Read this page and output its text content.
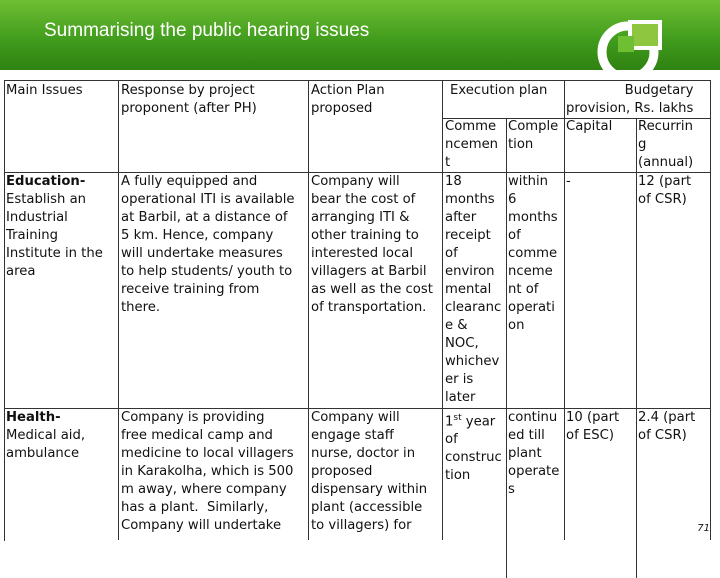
Summarising the public hearing issues
Main Issues	Response by project
proponent (after PH)
Action Plan
proposed
Execution plan
Comme
ncemen
t
Comple
tion
Budgetary
provision, Rs. lakhs
Capital Recurrin
g
(annual)
Education-
Establish an
Industrial
Training
Institute in the
area
A fully equipped and
operational ITI is available
at Barbil, at a distance of
5 km. Hence, company
will undertake measures
to help students/ youth to
receive training from
there.
Company will
bear the cost of
arranging ITI &
other training to
interested local
villagers at Barbil
as well as the cost
of transportation.
18
months
after
receipt
of
environ
mental
clearanc
e &
NOC,
whichev
er is
later
within
6
months
of
comme
nceme
nt of
operati
on
-	12 (part
of CSR)
Health-
Medical aid,
ambulance
Company is providing
free medical camp and
medicine to local villagers
in Karakolha, which is 500
m away, where company
has a plant.  Similarly,
Company will undertake
Company will
engage staff
nurse, doctor in
proposed
dispensary within
plant (accessible
to villagers) for
1st year
of
construc
tion
continu
ed till
plant
operate
s
10 (part
of ESC)
2.4 (part
of CSR)
71
